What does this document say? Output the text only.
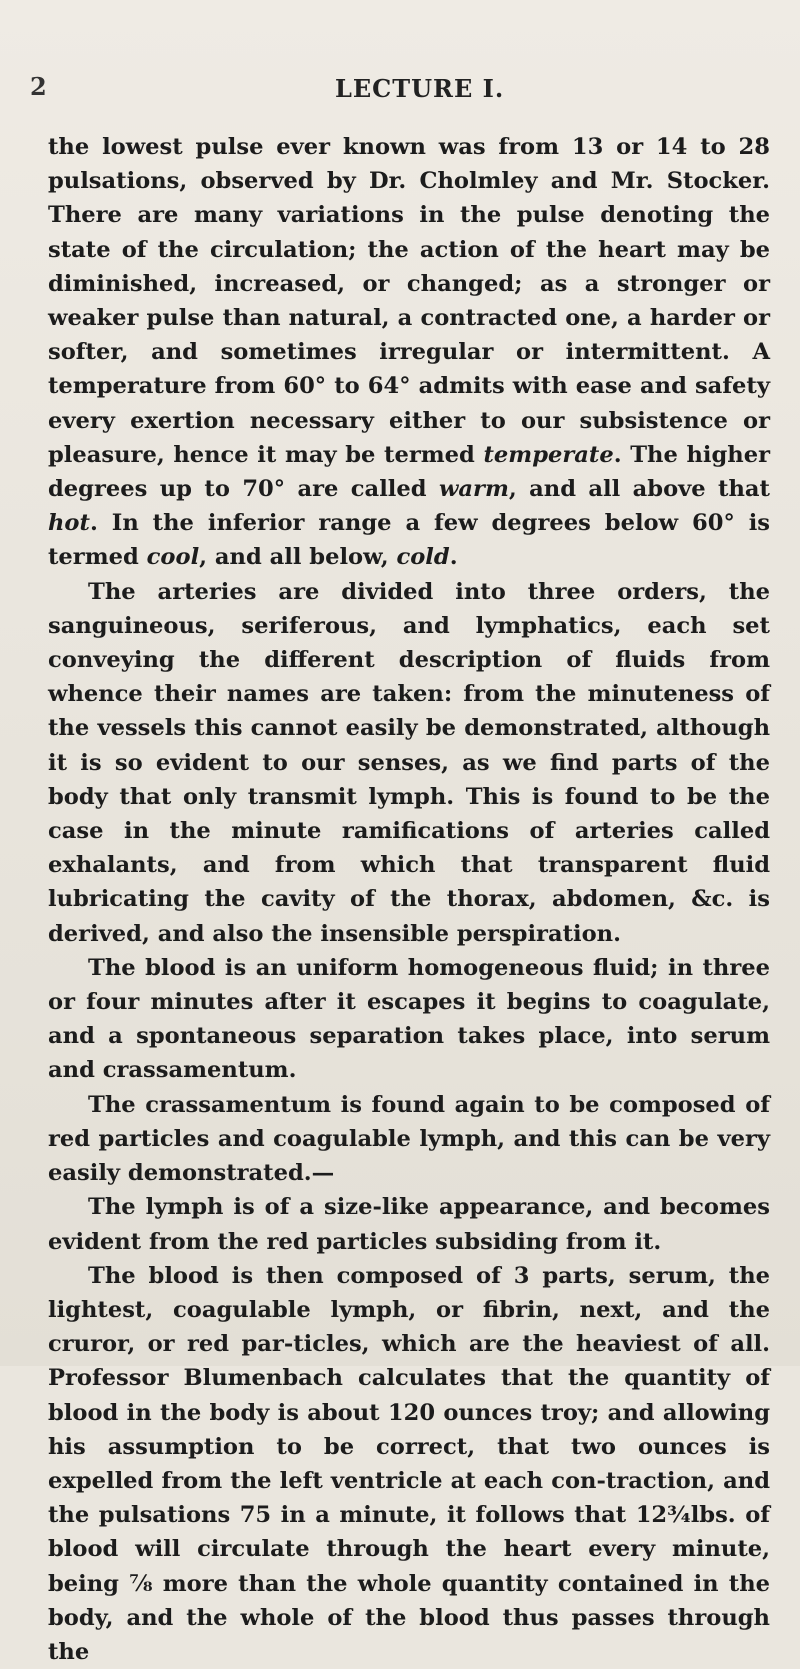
2	LECTURE I.

the lowest pulse ever known was from 13 or 14 to 28 pulsations, observed by Dr. Cholmley and Mr. Stocker. There are many variations in the pulse denoting the state of the circulation; the action of the heart may be diminished, increased, or changed; as a stronger or weaker pulse than natural, a contracted one, a harder or softer, and sometimes irregular or intermittent. A temperature from 60° to 64° admits with ease and safety every exertion necessary either to our subsistence or pleasure, hence it may be termed temperate. The higher degrees up to 70° are called warm, and all above that hot. In the inferior range a few degrees below 60° is termed cool, and all below, cold.

The arteries are divided into three orders, the sanguineous, seriferous, and lymphatics, each set conveying the different description of fluids from whence their names are taken: from the minuteness of the vessels this cannot easily be demonstrated, although it is so evident to our senses, as we find parts of the body that only transmit lymph. This is found to be the case in the minute ramifications of arteries called exhalants, and from which that transparent fluid lubricating the cavity of the thorax, abdomen, &c. is derived, and also the insensible perspiration.

The blood is an uniform homogeneous fluid; in three or four minutes after it escapes it begins to coagulate, and a spontaneous separation takes place, into serum and crassamentum.

The crassamentum is found again to be composed of red particles and coagulable lymph, and this can be very easily demonstrated.—

The lymph is of a size-like appearance, and becomes evident from the red particles subsiding from it.

The blood is then composed of 3 parts, serum, the lightest, coagulable lymph, or fibrin, next, and the cruror, or red par-ticles, which are the heaviest of all. Professor Blumenbach calculates that the quantity of blood in the body is about 120 ounces troy; and allowing his assumption to be correct, that two ounces is expelled from the left ventricle at each con-traction, and the pulsations 75 in a minute, it follows that 12¾lbs. of blood will circulate through the heart every minute, being ⅞ more than the whole quantity contained in the body, and the whole of the blood thus passes through the
